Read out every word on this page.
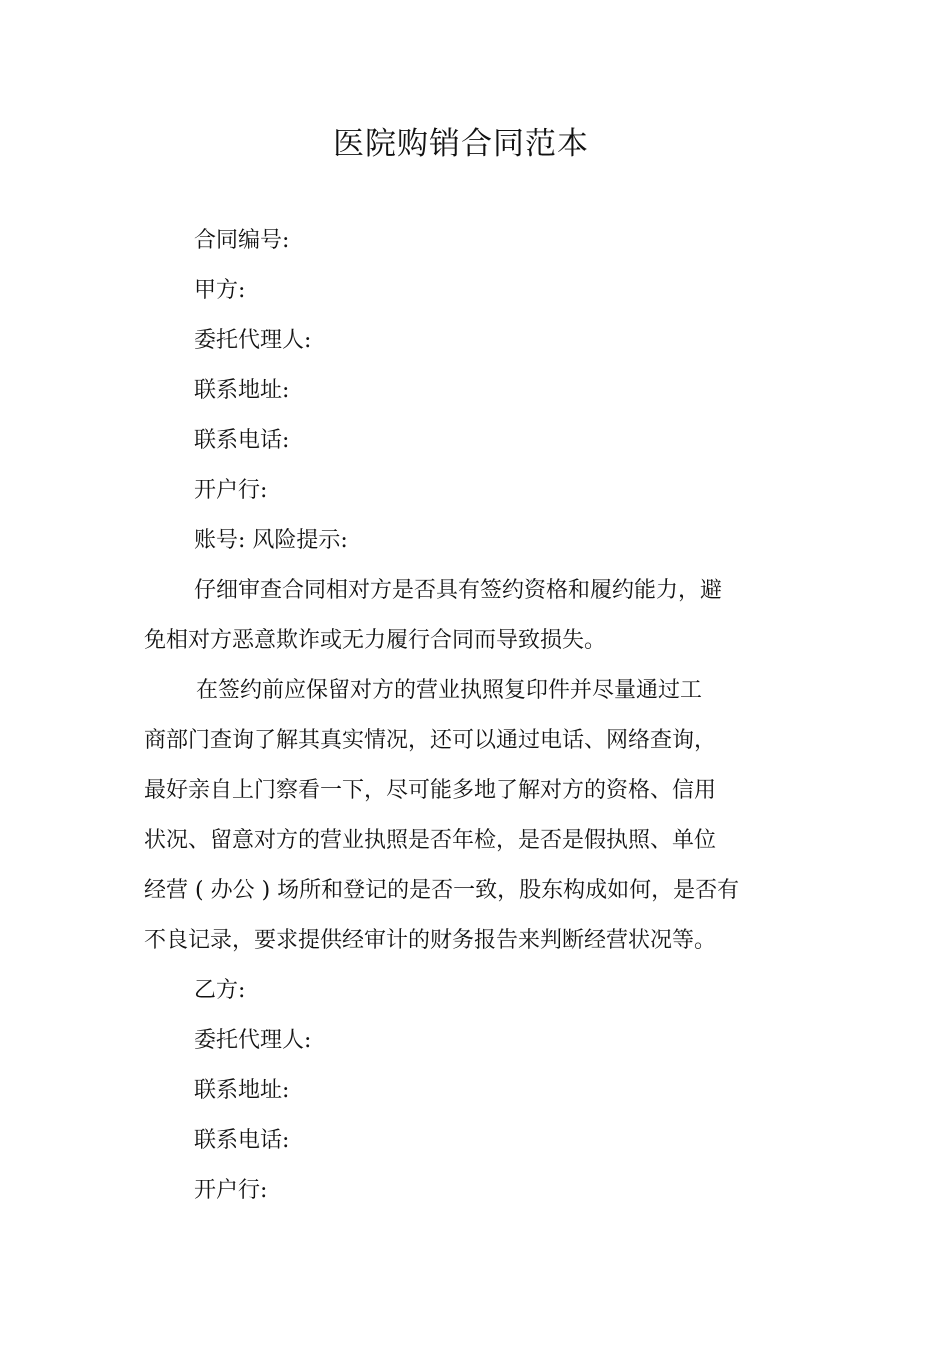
医院购销合同范本
合同编号:
甲方:
委托代理人:
联系地址:
联系电话:
开户行:
账号: 风险提示:
仔细审查合同相对方是否具有签约资格和履约能力，避
免相对方恶意欺诈或无力履行合同而导致损失。
在签约前应保留对方的营业执照复印件并尽量通过工
商部门查询了解其真实情况，还可以通过电话、网络查询，
最好亲自上门察看一下，尽可能多地了解对方的资格、信用
状况、留意对方的营业执照是否年检，是否是假执照、单位
经营 ( 办公 ) 场所和登记的是否一致，股东构成如何，是否有
不良记录，要求提供经审计的财务报告来判断经营状况等。
乙方:
委托代理人:
联系地址:
联系电话:
开户行:
